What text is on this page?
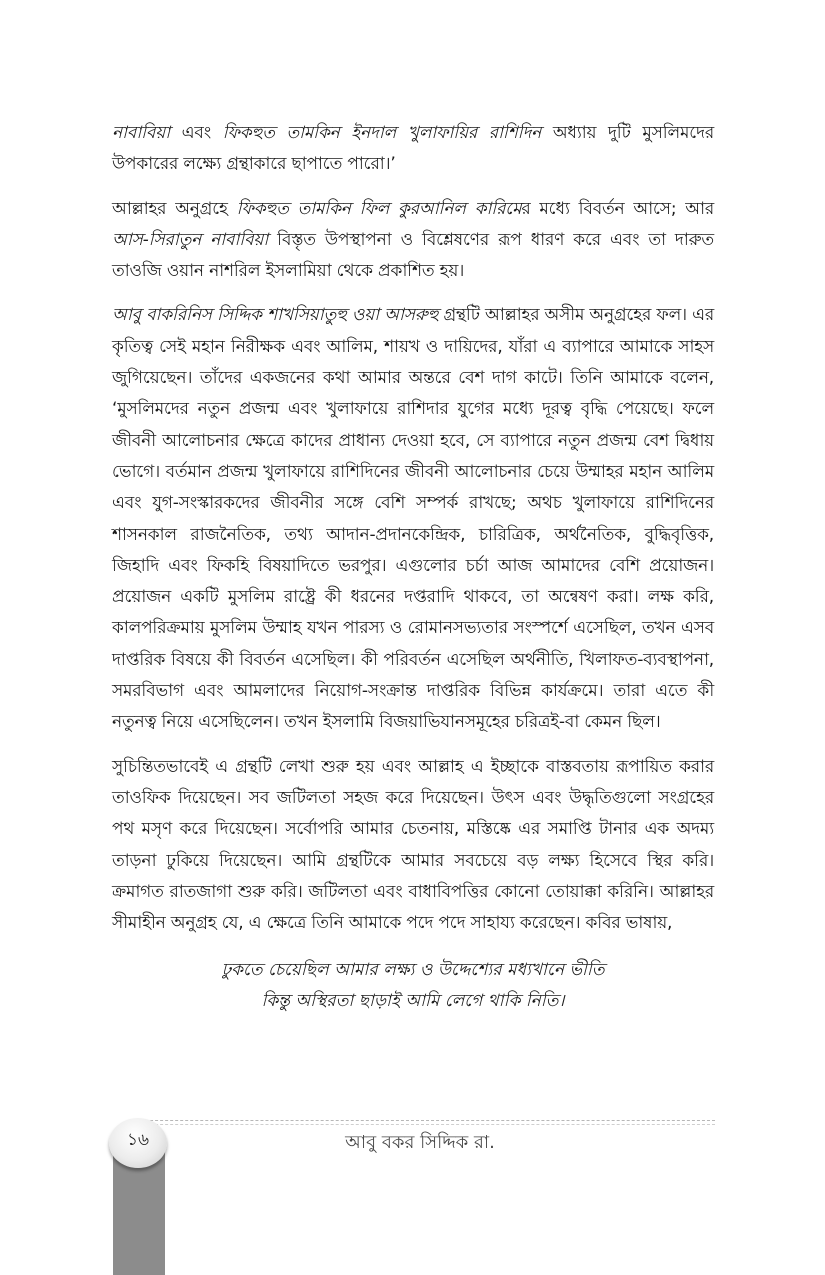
নাবাবিয়া এবং ফিকহুত তামকিন ইনদাল খুলাফায়ির রাশিদিন অধ্যায় দুটি মুসলিমদের উপকারের লক্ষ্যে গ্রন্থাকারে ছাপাতে পারো।’

আল্লাহর অনুগ্রহে ফিকহুত তামকিন ফিল কুরআনিল কারিমের মধ্যে বিবর্তন আসে; আর আস-সিরাতুন নাবাবিয়া বিস্তৃত উপস্থাপনা ও বিশ্লেষণের রূপ ধারণ করে এবং তা দারুত তাওজি ওয়ান নাশরিল ইসলামিয়া থেকে প্রকাশিত হয়।

আবু বাকরিনিস সিদ্দিক শাখসিয়াতুহু ওয়া আসরুহু গ্রন্থটি আল্লাহর অসীম অনুগ্রহের ফল। এর কৃতিত্ব সেই মহান নিরীক্ষক এবং আলিম, শায়খ ও দায়িদের, যাঁরা এ ব্যাপারে আমাকে সাহস জুগিয়েছেন। তাঁদের একজনের কথা আমার অন্তরে বেশ দাগ কাটে। তিনি আমাকে বলেন, ‘মুসলিমদের নতুন প্রজন্ম এবং খুলাফায়ে রাশিদার যুগের মধ্যে দূরত্ব বৃদ্ধি পেয়েছে। ফলে জীবনী আলোচনার ক্ষেত্রে কাদের প্রাধান্য দেওয়া হবে, সে ব্যাপারে নতুন প্রজন্ম বেশ দ্বিধায় ভোগে। বর্তমান প্রজন্ম খুলাফায়ে রাশিদিনের জীবনী আলোচনার চেয়ে উম্মাহর মহান আলিম এবং যুগ-সংস্কারকদের জীবনীর সঙ্গে বেশি সম্পর্ক রাখছে; অথচ খুলাফায়ে রাশিদিনের শাসনকাল রাজনৈতিক, তথ্য আদান-প্রদানকেন্দ্রিক, চারিত্রিক, অর্থনৈতিক, বুদ্ধিবৃত্তিক, জিহাদি এবং ফিকহি বিষয়াদিতে ভরপুর। এগুলোর চর্চা আজ আমাদের বেশি প্রয়োজন। প্রয়োজন একটি মুসলিম রাষ্ট্রে কী ধরনের দপ্তরাদি থাকবে, তা অন্বেষণ করা। লক্ষ করি, কালপরিক্রমায় মুসলিম উম্মাহ যখন পারস্য ও রোমানসভ্যতার সংস্পর্শে এসেছিল, তখন এসব দাপ্তরিক বিষয়ে কী বিবর্তন এসেছিল। কী পরিবর্তন এসেছিল অর্থনীতি, খিলাফত-ব্যবস্থাপনা, সমরবিভাগ এবং আমলাদের নিয়োগ-সংক্রান্ত দাপ্তরিক বিভিন্ন কার্যক্রমে। তারা এতে কী নতুনত্ব নিয়ে এসেছিলেন। তখন ইসলামি বিজয়াভিযানসমূহের চরিত্রই-বা কেমন ছিল।

সুচিন্তিতভাবেই এ গ্রন্থটি লেখা শুরু হয় এবং আল্লাহ এ ইচ্ছাকে বাস্তবতায় রূপায়িত করার তাওফিক দিয়েছেন। সব জটিলতা সহজ করে দিয়েছেন। উৎস এবং উদ্ধৃতিগুলো সংগ্রহের পথ মসৃণ করে দিয়েছেন। সর্বোপরি আমার চেতনায়, মস্তিষ্কে এর সমাপ্তি টানার এক অদম্য তাড়না ঢুকিয়ে দিয়েছেন। আমি গ্রন্থটিকে আমার সবচেয়ে বড় লক্ষ্য হিসেবে স্থির করি। ক্রমাগত রাতজাগা শুরু করি। জটিলতা এবং বাধাবিপত্তির কোনো তোয়াক্কা করিনি। আল্লাহর সীমাহীন অনুগ্রহ যে, এ ক্ষেত্রে তিনি আমাকে পদে পদে সাহায্য করেছেন। কবির ভাষায়,

ঢুকতে চেয়েছিল আমার লক্ষ্য ও উদ্দেশ্যের মধ্যখানে ভীতি
কিন্তু অস্থিরতা ছাড়াই আমি লেগে থাকি নিতি।
১৬	আবু বকর সিদ্দিক রা.
